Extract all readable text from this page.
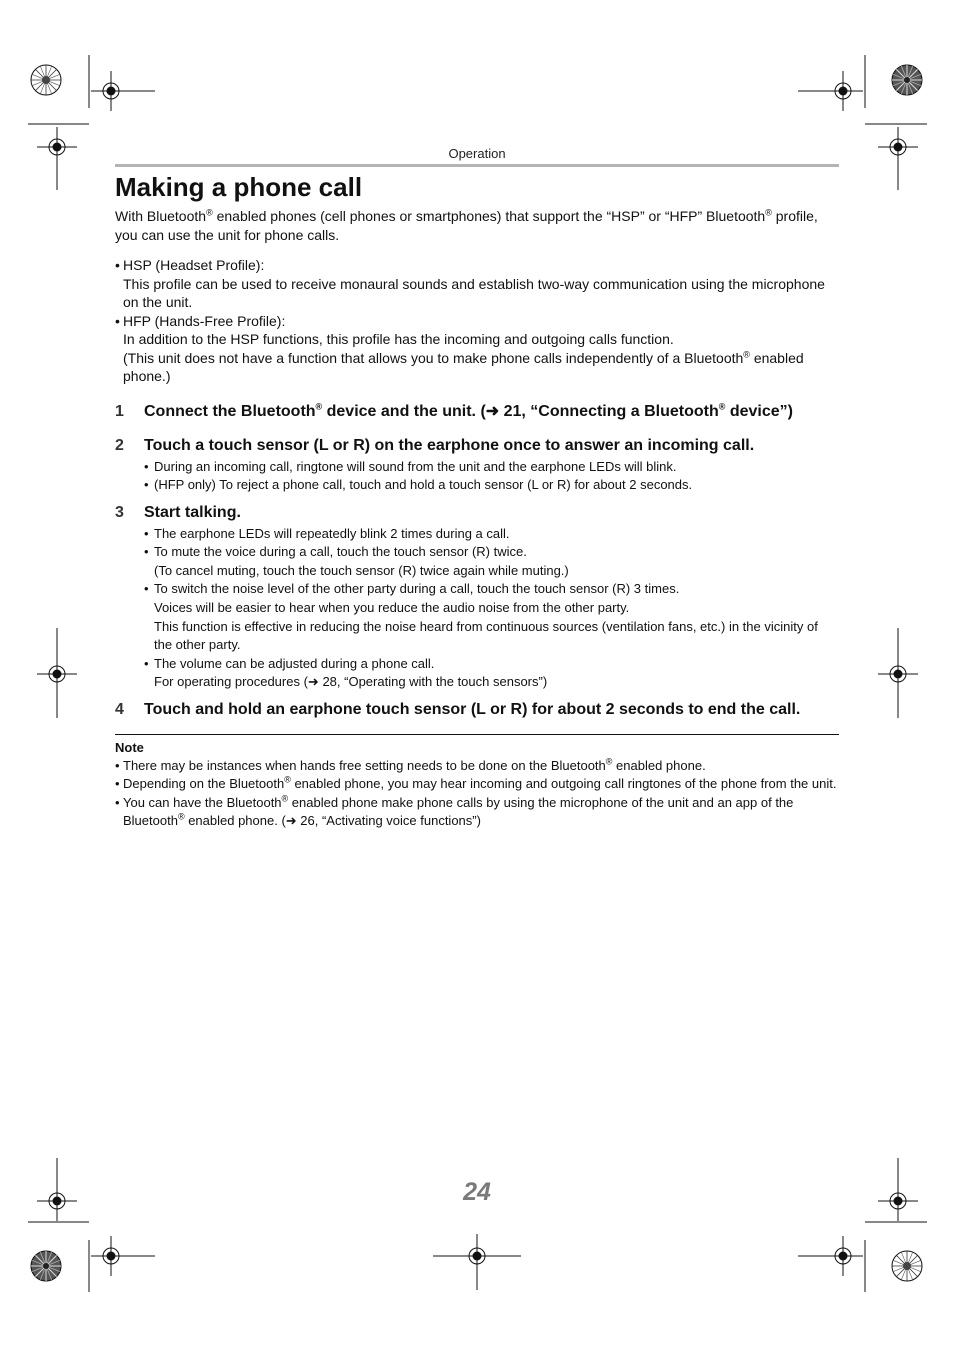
Operation
Making a phone call
With Bluetooth® enabled phones (cell phones or smartphones) that support the “HSP” or “HFP” Bluetooth® profile, you can use the unit for phone calls.
• HSP (Headset Profile):
This profile can be used to receive monaural sounds and establish two-way communication using the microphone on the unit.
• HFP (Hands-Free Profile):
In addition to the HSP functions, this profile has the incoming and outgoing calls function.
(This unit does not have a function that allows you to make phone calls independently of a Bluetooth® enabled phone.)
1 Connect the Bluetooth® device and the unit. (➜ 21, “Connecting a Bluetooth® device”)
2 Touch a touch sensor (L or R) on the earphone once to answer an incoming call.
• During an incoming call, ringtone will sound from the unit and the earphone LEDs will blink.
• (HFP only) To reject a phone call, touch and hold a touch sensor (L or R) for about 2 seconds.
3 Start talking.
• The earphone LEDs will repeatedly blink 2 times during a call.
• To mute the voice during a call, touch the touch sensor (R) twice.
(To cancel muting, touch the touch sensor (R) twice again while muting.)
• To switch the noise level of the other party during a call, touch the touch sensor (R) 3 times.
Voices will be easier to hear when you reduce the audio noise from the other party.
This function is effective in reducing the noise heard from continuous sources (ventilation fans, etc.) in the vicinity of the other party.
• The volume can be adjusted during a phone call.
For operating procedures (➜ 28, “Operating with the touch sensors”)
4 Touch and hold an earphone touch sensor (L or R) for about 2 seconds to end the call.
Note
• There may be instances when hands free setting needs to be done on the Bluetooth® enabled phone.
• Depending on the Bluetooth® enabled phone, you may hear incoming and outgoing call ringtones of the phone from the unit.
• You can have the Bluetooth® enabled phone make phone calls by using the microphone of the unit and an app of the Bluetooth® enabled phone. (➜ 26, “Activating voice functions”)
24
